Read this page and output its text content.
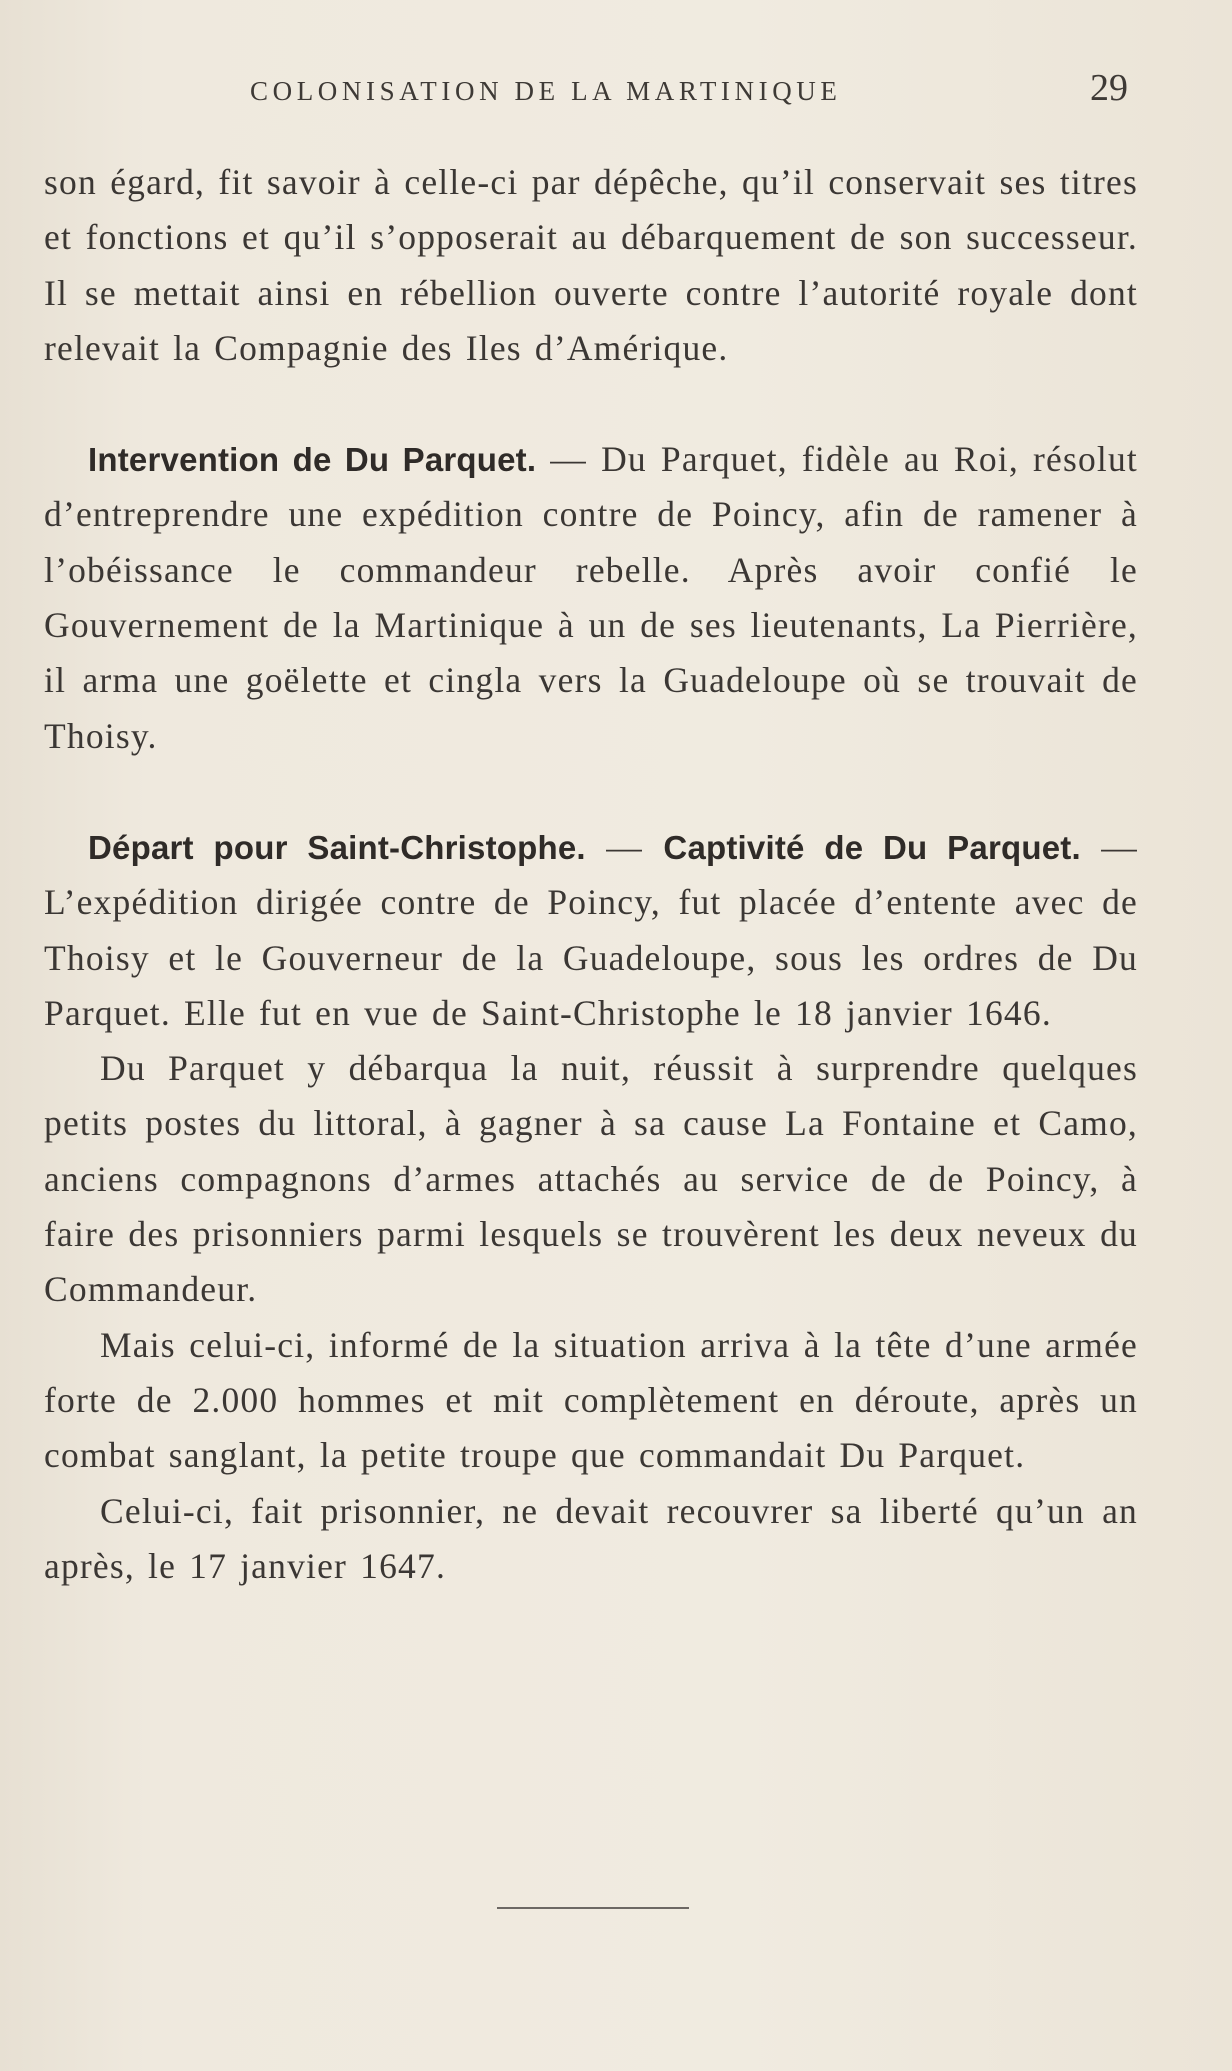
COLONISATION DE LA MARTINIQUE	29

son égard, fit savoir à celle-ci par dépêche, qu’il conservait ses titres et fonctions et qu’il s’opposerait au débarquement de son successeur. Il se mettait ainsi en rébellion ouverte contre l’autorité royale dont relevait la Compagnie des Iles d’Amérique.

Intervention de Du Parquet. — Du Parquet, fidèle au Roi, résolut d’entreprendre une expédition contre de Poincy, afin de ramener à l’obéissance le commandeur rebelle. Après avoir confié le Gouvernement de la Martinique à un de ses lieutenants, La Pierrière, il arma une goëlette et cingla vers la Guadeloupe où se trouvait de Thoisy.

Départ pour Saint-Christophe. — Captivité de Du Parquet. — L’expédition dirigée contre de Poincy, fut placée d’entente avec de Thoisy et le Gouverneur de la Guadeloupe, sous les ordres de Du Parquet. Elle fut en vue de Saint-Christophe le 18 janvier 1646.

Du Parquet y débarqua la nuit, réussit à surprendre quelques petits postes du littoral, à gagner à sa cause La Fontaine et Camo, anciens compagnons d’armes attachés au service de de Poincy, à faire des prisonniers parmi lesquels se trouvèrent les deux neveux du Commandeur.

Mais celui-ci, informé de la situation arriva à la tête d’une armée forte de 2.000 hommes et mit complètement en déroute, après un combat sanglant, la petite troupe que commandait Du Parquet.

Celui-ci, fait prisonnier, ne devait recouvrer sa liberté qu’un an après, le 17 janvier 1647.
